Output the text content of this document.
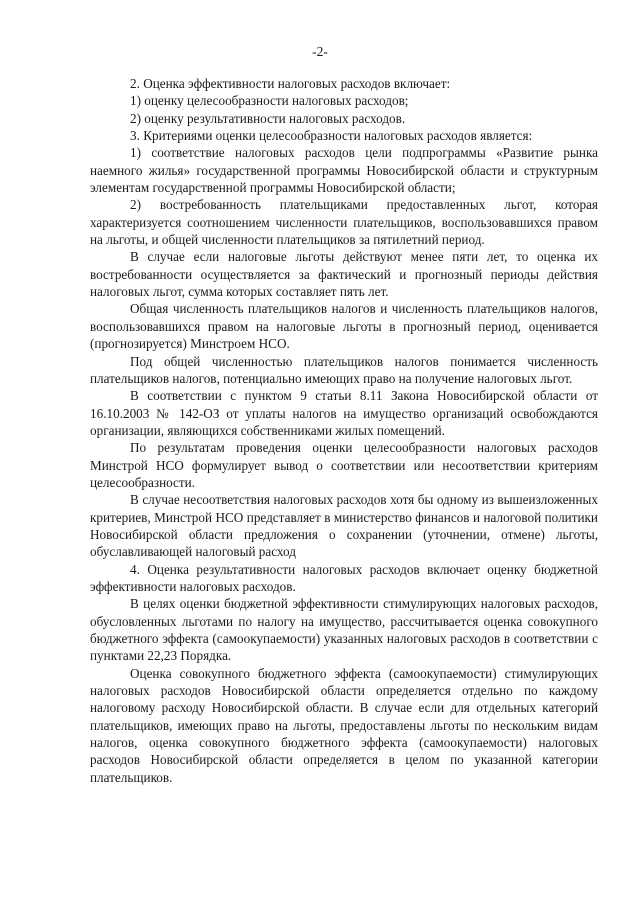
-2-

2. Оценка эффективности налоговых расходов включает:

1) оценку целесообразности налоговых расходов;

2) оценку результативности налоговых расходов.

3. Критериями оценки целесообразности налоговых расходов является:

1) соответствие налоговых расходов цели подпрограммы «Развитие рынка наемного жилья» государственной программы Новосибирской области и структурным элементам государственной программы Новосибирской области;

2) востребованность плательщиками предоставленных льгот, которая характеризуется соотношением численности плательщиков, воспользовавшихся правом на льготы, и общей численности плательщиков за пятилетний период.

В случае если налоговые льготы действуют менее пяти лет, то оценка их востребованности осуществляется за фактический и прогнозный периоды действия налоговых льгот, сумма которых составляет пять лет.

Общая численность плательщиков налогов и численность плательщиков налогов, воспользовавшихся правом на налоговые льготы в прогнозный период, оценивается (прогнозируется) Минстроем НСО.

Под общей численностью плательщиков налогов понимается численность плательщиков налогов, потенциально имеющих право на получение налоговых льгот.

В соответствии с пунктом 9 статьи 8.11 Закона Новосибирской области от 16.10.2003 № 142-ОЗ от уплаты налогов на имущество организаций освобождаются организации, являющихся собственниками жилых помещений.

По результатам проведения оценки целесообразности налоговых расходов Минстрой НСО формулирует вывод о соответствии или несоответствии критериям целесообразности.

В случае несоответствия налоговых расходов хотя бы одному из вышеизложенных критериев, Минстрой НСО представляет в министерство финансов и налоговой политики Новосибирской области предложения о сохранении (уточнении, отмене) льготы, обуславливающей налоговый расход

4. Оценка результативности налоговых расходов включает оценку бюджетной эффективности налоговых расходов.

В целях оценки бюджетной эффективности стимулирующих налоговых расходов, обусловленных льготами по налогу на имущество, рассчитывается оценка совокупного бюджетного эффекта (самоокупаемости) указанных налоговых расходов в соответствии с пунктами 22,23 Порядка.

Оценка совокупного бюджетного эффекта (самоокупаемости) стимулирующих налоговых расходов Новосибирской области определяется отдельно по каждому налоговому расходу Новосибирской области. В случае если для отдельных категорий плательщиков, имеющих право на льготы, предоставлены льготы по нескольким видам налогов, оценка совокупного бюджетного эффекта (самоокупаемости) налоговых расходов Новосибирской области определяется в целом по указанной категории плательщиков.
